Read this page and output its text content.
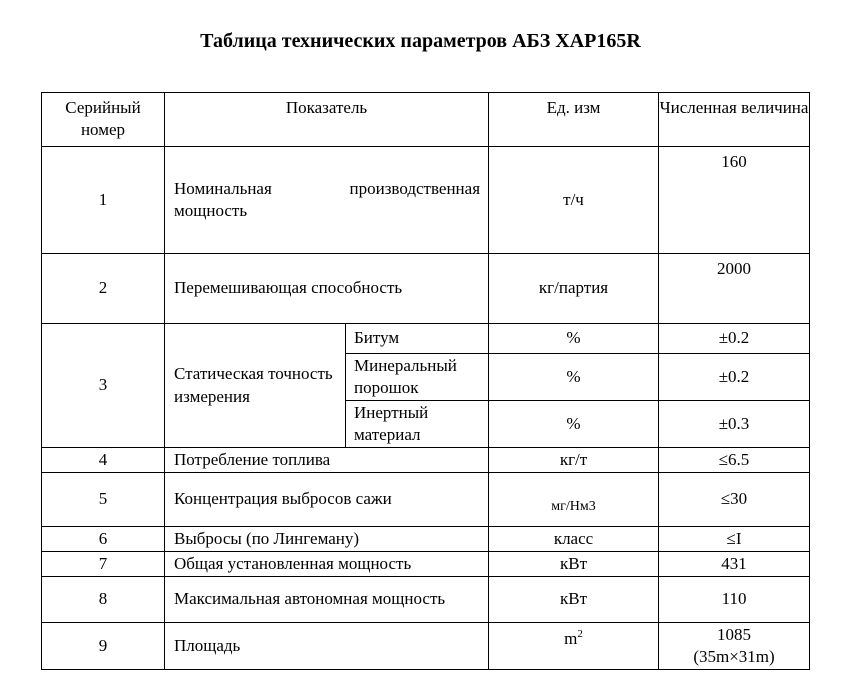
Таблица технических параметров АБЗ XAP165R
Серийный номер	Показатель		Ед. изм	Численная величина
1	Номинальная производственная мощность		т/ч	160
2	Перемешивающая способность		кг/партия	2000
3	Статическая точность измерения	Битум	%	±0.2
		Минеральный порошок	%	±0.2
		Инертный материал	%	±0.3
4	Потребление топлива		кг/т	≤6.5
5	Концентрация выбросов сажи		$_{мг/Нм3}$	≤30
6	Выбросы (по Лингеману)		класс	≤I
7	Общая установленная мощность		кВт	431
8	Максимальная автономная мощность		кВт	110
9	Площадь		$m^2$	1085
(35m×31m)
